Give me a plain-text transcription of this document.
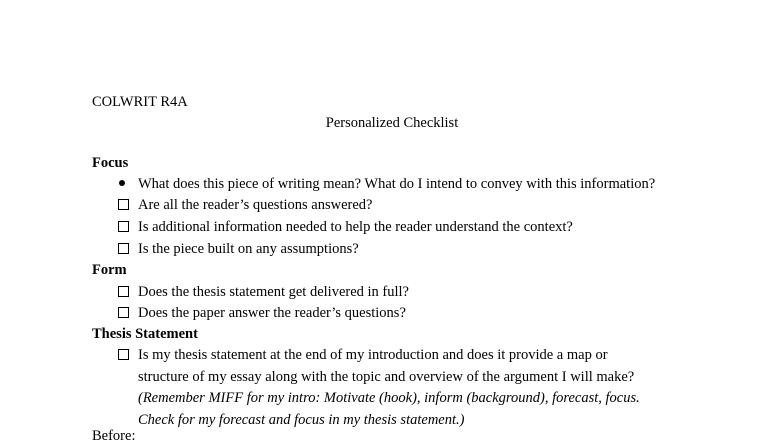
COLWRIT R4A
Personalized Checklist
Focus
What does this piece of writing mean? What do I intend to convey with this information?
Are all the reader’s questions answered?
Is additional information needed to help the reader understand the context?
Is the piece built on any assumptions?
Form
Does the thesis statement get delivered in full?
Does the paper answer the reader’s questions?
Thesis Statement
Is my thesis statement at the end of my introduction and does it provide a map or
structure of my essay along with the topic and overview of the argument I will make?
(Remember MIFF for my intro: Motivate (hook), inform (background), forecast, focus.
Check for my forecast and focus in my thesis statement.)
Before:
